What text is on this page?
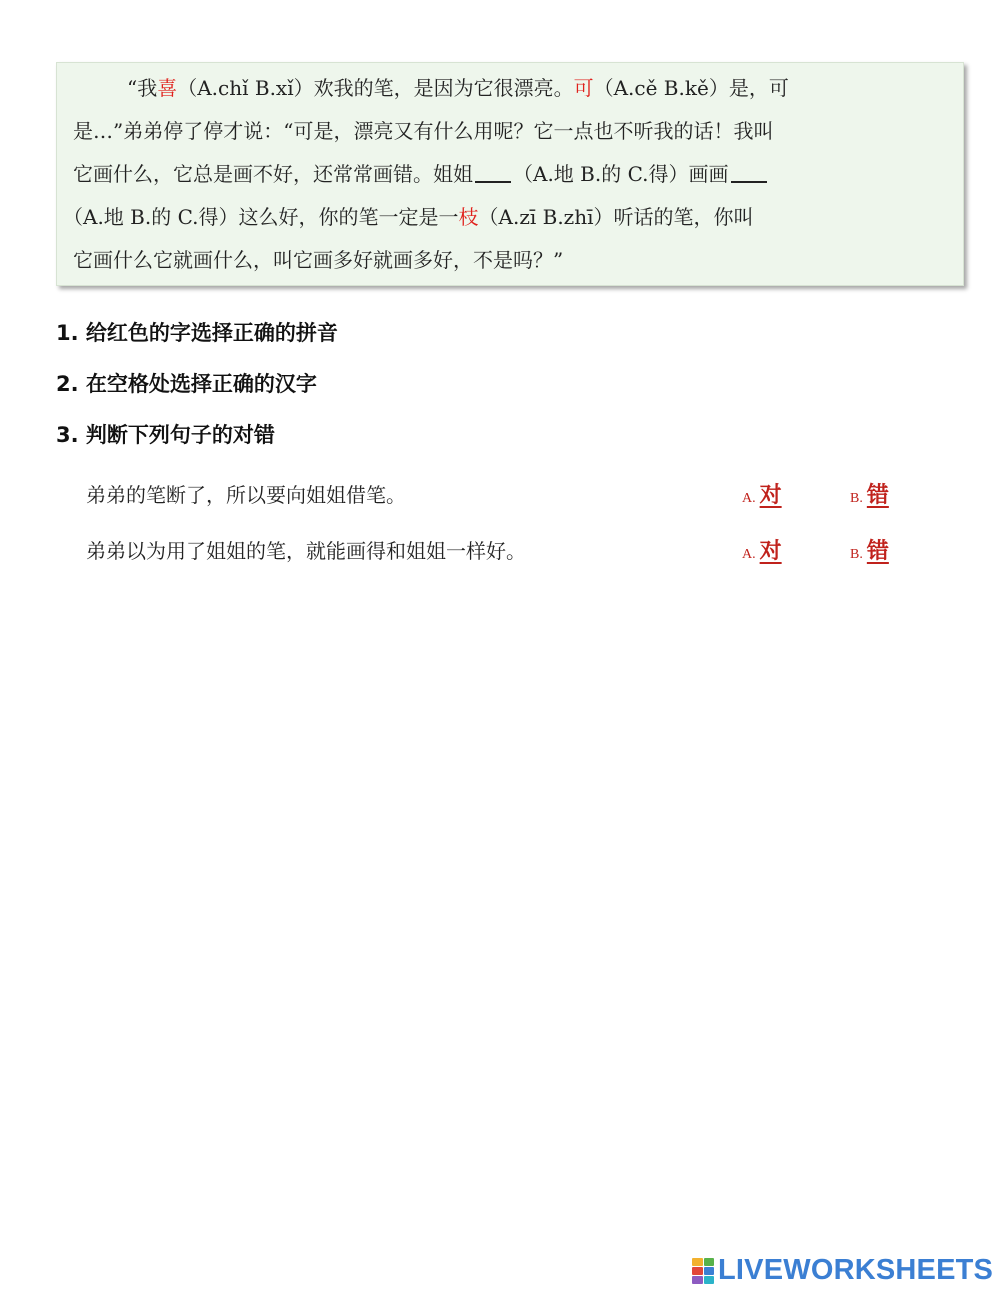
“我喜（A.chǐ B.xǐ）欢我的笔，是因为它很漂亮。可（A.cě B.kě）是，可
是…”弟弟停了停才说：“可是，漂亮又有什么用呢？它一点也不听我的话！我叫
它画什么，它总是画不好，还常常画错。姐姐 （A.地 B.的 C.得）画画
（A.地 B.的 C.得）这么好，你的笔一定是一枝（A.zī B.zhī）听话的笔，你叫
它画什么它就画什么，叫它画多好就画多好，不是吗？”
1. 给红色的字选择正确的拼音
2. 在空格处选择正确的汉字
3. 判断下列句子的对错
弟弟的笔断了，所以要向姐姐借笔。	A. 对	B. 错
弟弟以为用了姐姐的笔，就能画得和姐姐一样好。	A. 对	B. 错
LIVEWORKSHEETS
